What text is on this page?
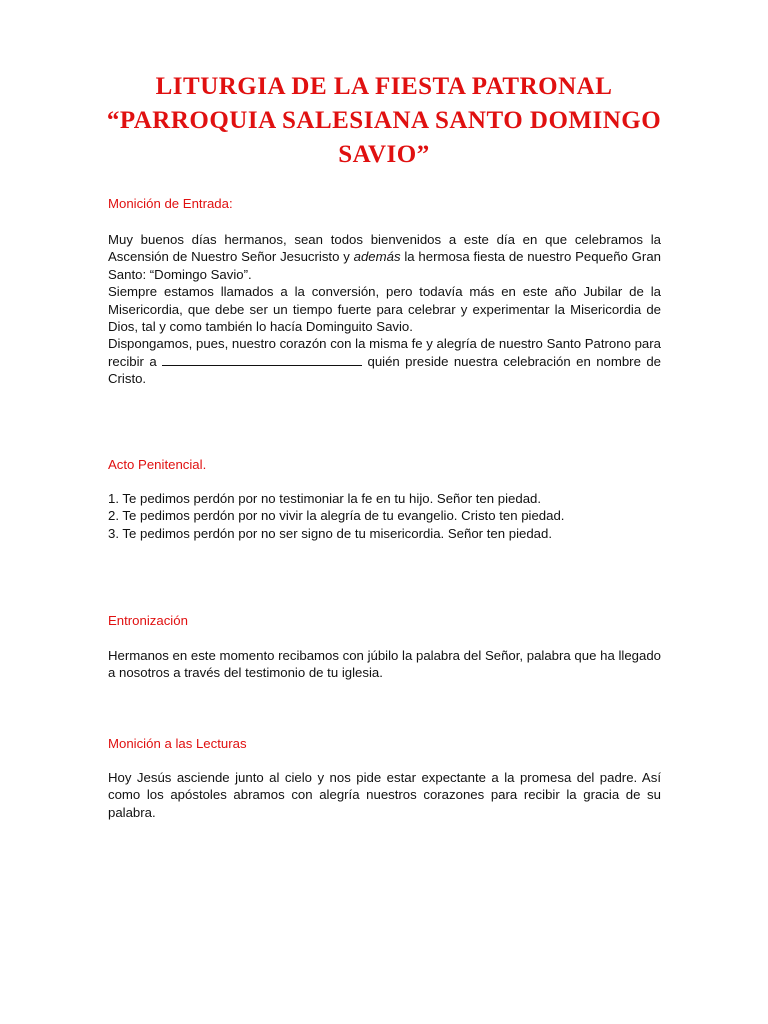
LITURGIA DE LA FIESTA PATRONAL
“PARROQUIA SALESIANA SANTO DOMINGO
SAVIO”
Monición de Entrada:

Muy buenos días hermanos, sean todos bienvenidos a este día en que celebramos la Ascensión de Nuestro Señor Jesucristo y además la hermosa fiesta de nuestro Pequeño Gran Santo: “Domingo Savio”.

Siempre estamos llamados a la conversión, pero todavía más en este año Jubilar de la Misericordia, que debe ser un tiempo fuerte para celebrar y experimentar la Misericordia de Dios, tal y como también lo hacía Dominguito Savio.

Dispongamos, pues, nuestro corazón con la misma fe y alegría de nuestro Santo Patrono para recibir a	quién preside nuestra celebración en nombre de Cristo.

Acto Penitencial.

1. Te pedimos perdón por no testimoniar la fe en tu hijo. Señor ten piedad.

2. Te pedimos perdón por no vivir la alegría de tu evangelio. Cristo ten piedad.

3. Te pedimos perdón por no ser signo de tu misericordia. Señor ten piedad.

Entronización
Hermanos en este momento recibamos con júbilo la palabra del Señor, palabra que ha llegado a nosotros a través del testimonio de tu iglesia.
Monición a las Lecturas
Hoy Jesús asciende junto al cielo y nos pide estar expectante a la promesa del padre. Así como los apóstoles abramos con alegría nuestros corazones para recibir la gracia de su palabra.
